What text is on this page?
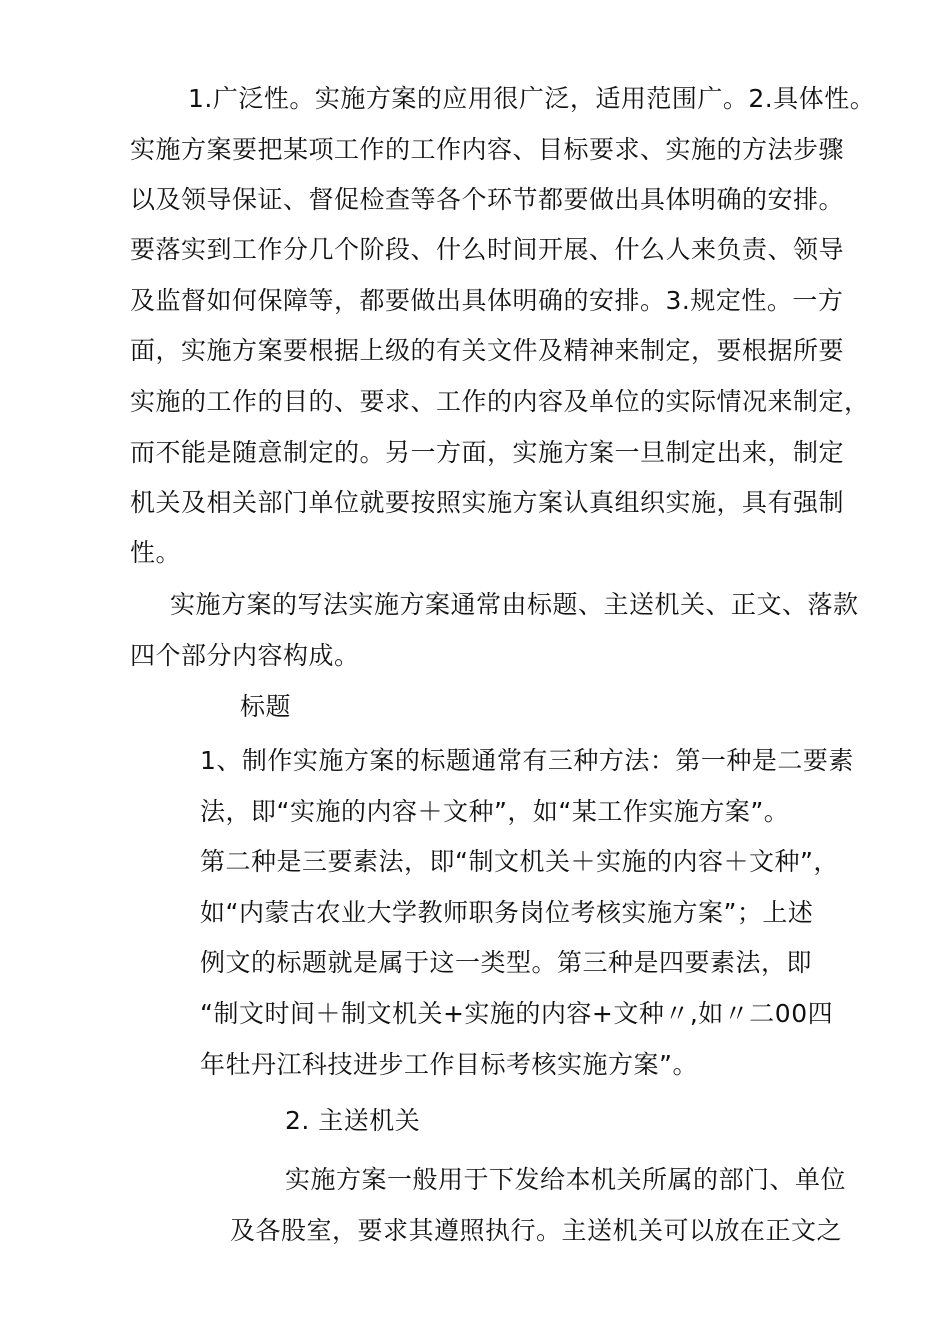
1.广泛性。实施方案的应用很广泛，适用范围广。2.具体性。
实施方案要把某项工作的工作内容、目标要求、实施的方法步骤
以及领导保证、督促检查等各个环节都要做出具体明确的安排。
要落实到工作分几个阶段、什么时间开展、什么人来负责、领导
及监督如何保障等，都要做出具体明确的安排。3.规定性。一方
面，实施方案要根据上级的有关文件及精神来制定，要根据所要
实施的工作的目的、要求、工作的内容及单位的实际情况来制定，
而不能是随意制定的。另一方面，实施方案一旦制定出来，制定
机关及相关部门单位就要按照实施方案认真组织实施，具有强制
性。
实施方案的写法实施方案通常由标题、主送机关、正文、落款
四个部分内容构成。
标题
1、制作实施方案的标题通常有三种方法：第一种是二要素
法，即“实施的内容＋文种”，如“某工作实施方案”。
第二种是三要素法，即“制文机关＋实施的内容＋文种”，
如“内蒙古农业大学教师职务岗位考核实施方案”；上述
例文的标题就是属于这一类型。第三种是四要素法，即
“制文时间＋制文机关+实施的内容+文种〃,如〃二00四
年牡丹江科技进步工作目标考核实施方案”。
2. 主送机关
实施方案一般用于下发给本机关所属的部门、单位
及各股室，要求其遵照执行。主送机关可以放在正文之
